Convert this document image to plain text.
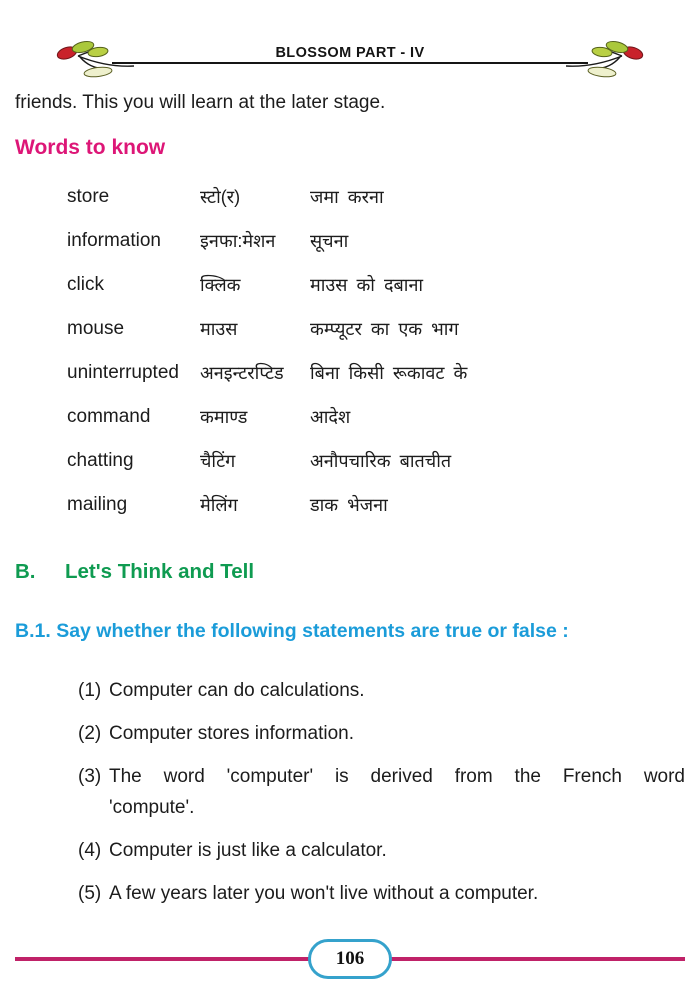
BLOSSOM PART - IV

friends. This you will learn at the later stage.

Words to know
store	स्टो(र)	जमा करना
information	इनफा:मेशन	सूचना
click	क्लिक	माउस को दबाना
mouse	माउस	कम्प्यूटर का एक भाग
uninterrupted	अनइन्टरप्टिड	बिना किसी रूकावट के
command	कमाण्ड	आदेश
chatting	चैटिंग	अनौपचारिक बातचीत
mailing	मेलिंग	डाक भेजना
B.	Let's Think and Tell
B.1. Say whether the following statements are true or false :
(1) Computer can do calculations.
(2) Computer stores information.
(3) The word 'computer' is derived from the French word
'compute'.
(4) Computer is just like a calculator.
(5) A few years later you won't live without a computer.
106
